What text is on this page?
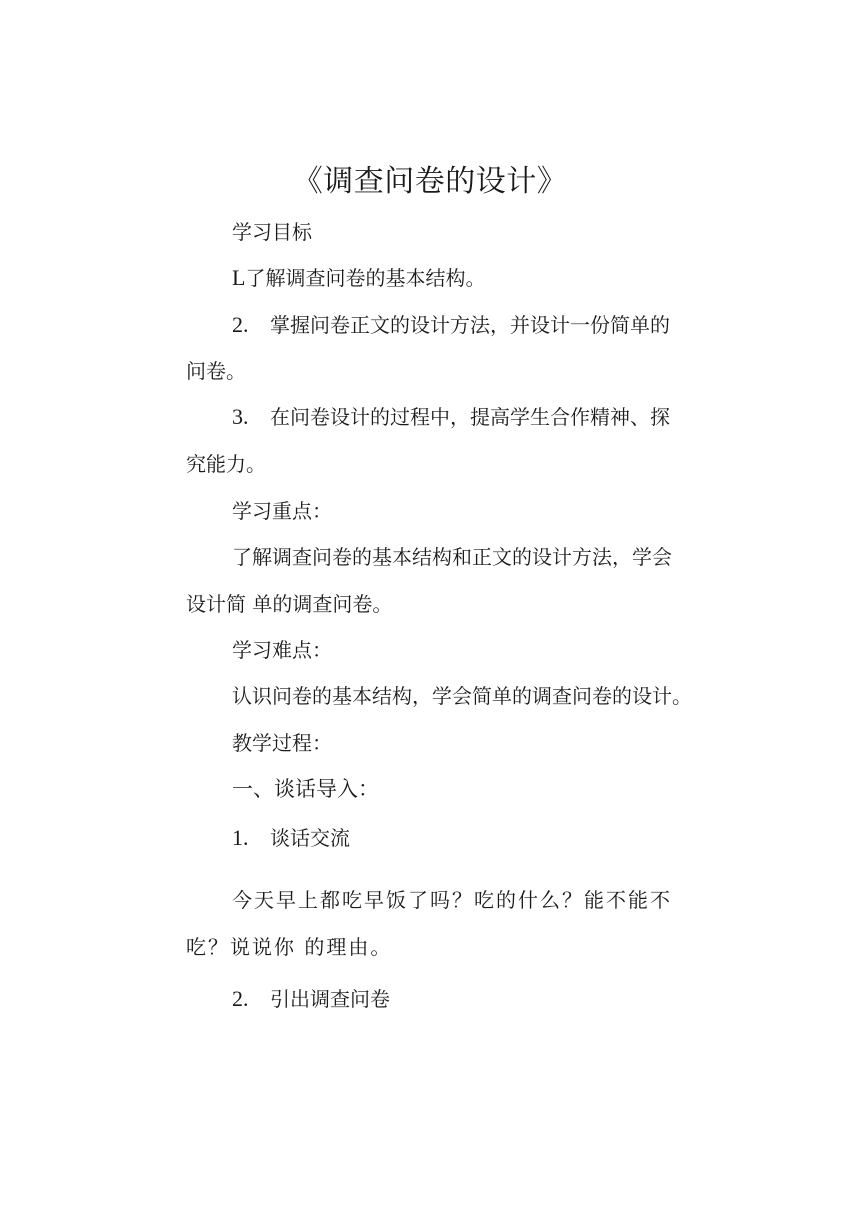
《调查问卷的设计》
学习目标
L了解调查问卷的基本结构。
2. 掌握问卷正文的设计方法，并设计一份简单的
问卷。
3. 在问卷设计的过程中，提高学生合作精神、探
究能力。
学习重点：
了解调查问卷的基本结构和正文的设计方法，学会
设计简 单的调查问卷。
学习难点：
认识问卷的基本结构，学会简单的调查问卷的设计。
教学过程：
一、谈话导入：
1. 谈话交流
今天早上都吃早饭了吗？吃的什么？能不能不
吃？说说你 的理由。
2. 引出调查问卷
